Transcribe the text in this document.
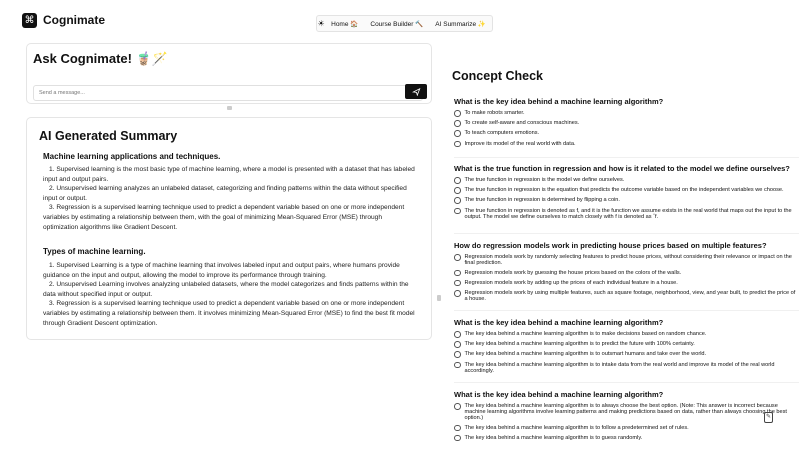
⌘ Cognimate	☀ Home 🏠	Course Builder 🔨	AI Summarize ✨
Ask Cognimate! 🧋🪄
Send a message...
AI Generated Summary
Machine learning applications and techniques.

1. Supervised learning is the most basic type of machine learning, where a model is presented with a dataset that has labeled input and output pairs.

2. Unsupervised learning analyzes an unlabeled dataset, categorizing and finding patterns within the data without specified input or output.

3. Regression is a supervised learning technique used to predict a dependent variable based on one or more independent variables by estimating a relationship between them, with the goal of minimizing Mean-Squared Error (MSE) through optimization algorithms like Gradient Descent.

Types of machine learning.

1. Supervised Learning is a type of machine learning that involves labeled input and output pairs, where humans provide guidance on the input and output, allowing the model to improve its performance through training.

2. Unsupervised Learning involves analyzing unlabeled datasets, where the model categorizes and finds patterns within the data without specified input or output.

3. Regression is a supervised learning technique used to predict a dependent variable based on one or more independent variables by estimating a relationship between them. It involves minimizing Mean-Squared Error (MSE) to find the best fit model through Gradient Descent optimization.

Concept Check
What is the key idea behind a machine learning algorithm?
To make robots smarter.
To create self-aware and conscious machines.
To teach computers emotions.
Improve its model of the real world with data.
What is the true function in regression and how is it related to the model we define ourselves?
The true function in regression is the model we define ourselves.
The true function in regression is the equation that predicts the outcome variable based on the independent variables we choose.
The true function in regression is determined by flipping a coin.
The true function in regression is denoted as f, and it is the function we assume exists in the real world that maps out the input to the output. The model we define ourselves to match closely with f is denoted as ˆf.
How do regression models work in predicting house prices based on multiple features?
Regression models work by randomly selecting features to predict house prices, without considering their relevance or impact on the final prediction.
Regression models work by guessing the house prices based on the colors of the walls.
Regression models work by adding up the prices of each individual feature in a house.
Regression models work by using multiple features, such as square footage, neighborhood, view, and year built, to predict the price of a house.
What is the key idea behind a machine learning algorithm?
The key idea behind a machine learning algorithm is to make decisions based on random chance.
The key idea behind a machine learning algorithm is to predict the future with 100% certainty.
The key idea behind a machine learning algorithm is to outsmart humans and take over the world.
The key idea behind a machine learning algorithm is to intake data from the real world and improve its model of the real world accordingly.
What is the key idea behind a machine learning algorithm?
The key idea behind a machine learning algorithm is to always choose the best option. (Note: This answer is incorrect because machine learning algorithms involve learning patterns and making predictions based on data, rather than always choosing the best option.)
The key idea behind a machine learning algorithm is to follow a predetermined set of rules.
The key idea behind a machine learning algorithm is to guess randomly.
✎
